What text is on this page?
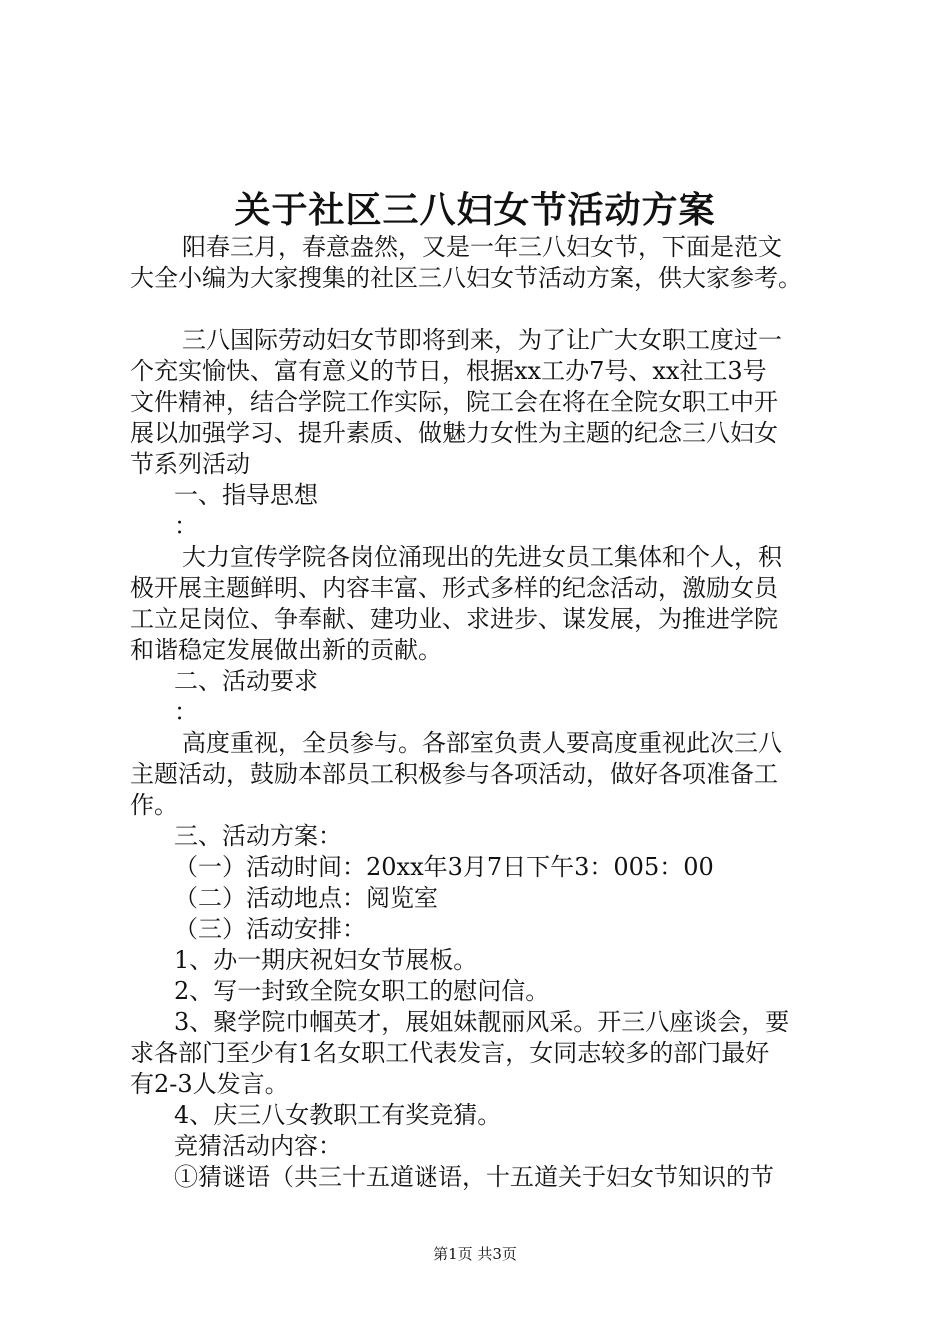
关于社区三八妇女节活动方案
阳春三月，春意盎然，又是一年三八妇女节，下面是范文
大全小编为大家搜集的社区三八妇女节活动方案，供大家参考。
三八国际劳动妇女节即将到来，为了让广大女职工度过一
个充实愉快、富有意义的节日，根据xx工办7号、xx社工3号
文件精神，结合学院工作实际，院工会在将在全院女职工中开
展以加强学习、提升素质、做魅力女性为主题的纪念三八妇女
节系列活动
一、指导思想
：
大力宣传学院各岗位涌现出的先进女员工集体和个人，积
极开展主题鲜明、内容丰富、形式多样的纪念活动，激励女员
工立足岗位、争奉献、建功业、求进步、谋发展，为推进学院
和谐稳定发展做出新的贡献。
二、活动要求
：
高度重视，全员参与。各部室负责人要高度重视此次三八
主题活动，鼓励本部员工积极参与各项活动，做好各项准备工
作。
三、活动方案：
（一）活动时间：20xx年3月7日下午3：005：00
（二）活动地点：阅览室
（三）活动安排：
1、办一期庆祝妇女节展板。
2、写一封致全院女职工的慰问信。
3、聚学院巾帼英才，展姐妹靓丽风采。开三八座谈会，要
求各部门至少有1名女职工代表发言，女同志较多的部门最好
有2-3人发言。
4、庆三八女教职工有奖竞猜。
竞猜活动内容：
①猜谜语（共三十五道谜语，十五道关于妇女节知识的节
第1页 共3页
